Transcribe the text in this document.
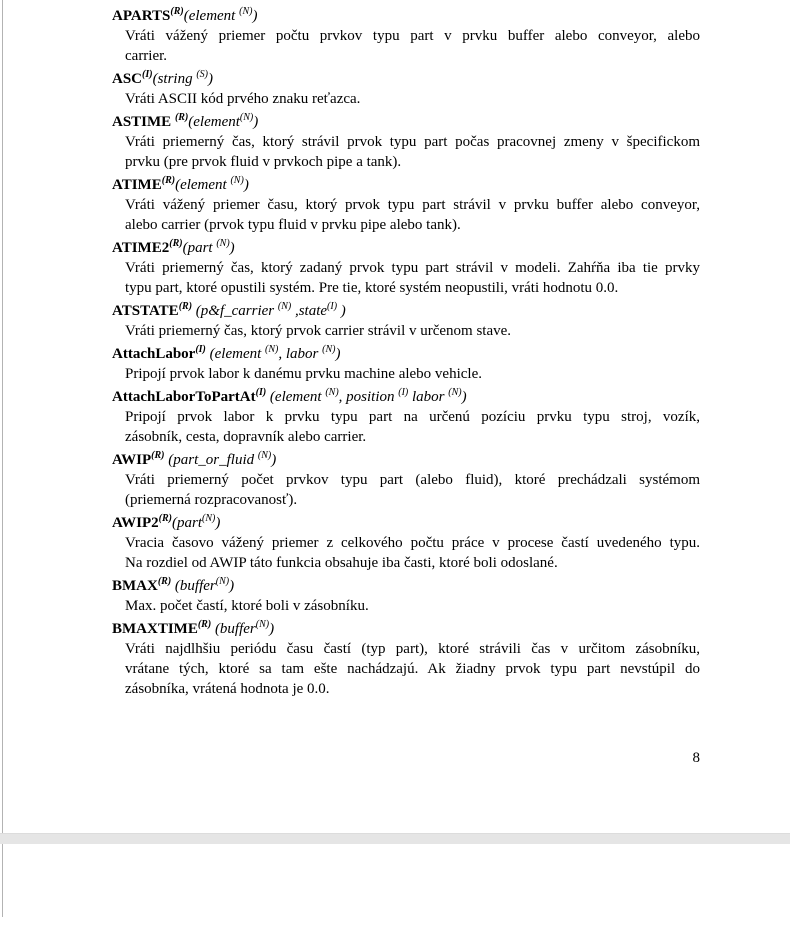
$APARTS^{(R)}(element$ $^{(N)}$)
Vráti vážený priemer počtu prvkov typu part v prvku buffer alebo conveyor, alebo
carrier.
$ASC^{(I)}(string$ $^{(S)}$)
Vráti ASCII kód prvého znaku reťazca.
ASTIME $^{(R)}$(element$^{(N)}$)
Vráti priemerný čas, ktorý strávil prvok typu part počas pracovnej zmeny v špecifickom
prvku (pre prvok fluid v prvkoch pipe a tank).
$ATIME^{(R)}(element$ $^{(N)}$)
Vráti vážený priemer času, ktorý prvok typu part strávil v prvku buffer alebo conveyor,
alebo carrier (prvok typu fluid v prvku pipe alebo tank).
$ATIME2^{(R)}(part$ $^{(N)}$)
Vráti priemerný čas, ktorý zadaný prvok typu part strávil v modeli. Zahŕňa iba tie prvky
typu part, ktoré opustili systém. Pre tie, ktoré systém neopustili, vráti hodnotu 0.0.
$ATSTATE^{(R)}$ (p&f_carrier $^{(N)}$ ,state$^{(I)}$ )
Vráti priemerný čas, ktorý prvok carrier strávil v určenom stave.
AttachLabor$^{(I)}$ (element $^{(N)}$, labor $^{(N)}$)
Pripojí prvok labor k danému prvku machine alebo vehicle.
AttachLaborToPartAt$^{(I)}$ (element $^{(N)}$, position $^{(I)}$ labor $^{(N)}$)
Pripojí prvok labor k prvku typu part na určenú pozíciu prvku typu stroj, vozík,
zásobník, cesta, dopravník alebo carrier.
$AWIP^{(R)}$ (part_or_fluid $^{(N)}$)
Vráti priemerný počet prvkov typu part (alebo fluid), ktoré prechádzali systémom
(priemerná rozpracovanosť).
$AWIP2^{(R)}(part^{(N)})$
Vracia časovo vážený priemer z celkového počtu práce v procese častí uvedeného typu.
Na rozdiel od AWIP táto funkcia obsahuje iba časti, ktoré boli odoslané.
$BMAX^{(R)}$ (buffer$^{(N)}$)
Max. počet častí, ktoré boli v zásobníku.
$BMAXTIME^{(R)}$ (buffer$^{(N)}$)
Vráti najdlhšiu periódu času častí (typ part), ktoré strávili čas v určitom zásobníku,
vrátane tých, ktoré sa tam ešte nachádzajú. Ak žiadny prvok typu part nevstúpil do
zásobníka, vrátená hodnota je 0.0.
8
